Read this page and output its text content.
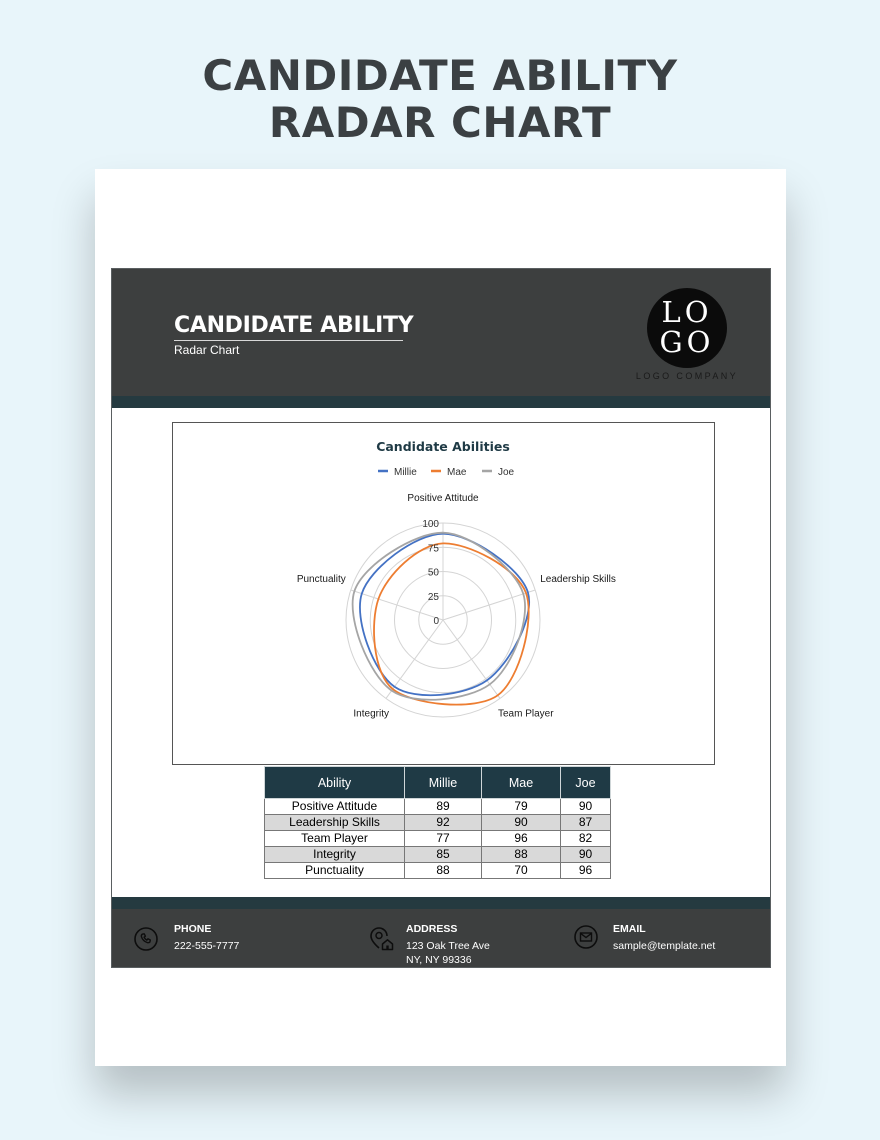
CANDIDATE ABILITY
RADAR CHART
CANDIDATE ABILITY
Radar Chart
LO
GO
LOGO COMPANY
Candidate Abilities
Millie	Mae	Joe
0
25
50
75
100
Positive Attitude
Leadership Skills
Team Player
Integrity
Punctuality
Ability	Millie	Mae	Joe
Positive Attitude	89	79	90
Leadership Skills	92	90	87
Team Player	77	96	82
Integrity	85	88	90
Punctuality	88	70	96
PHONE
222-555-7777
ADDRESS
123 Oak Tree Ave
NY, NY 99336
EMAIL
sample@template.net
